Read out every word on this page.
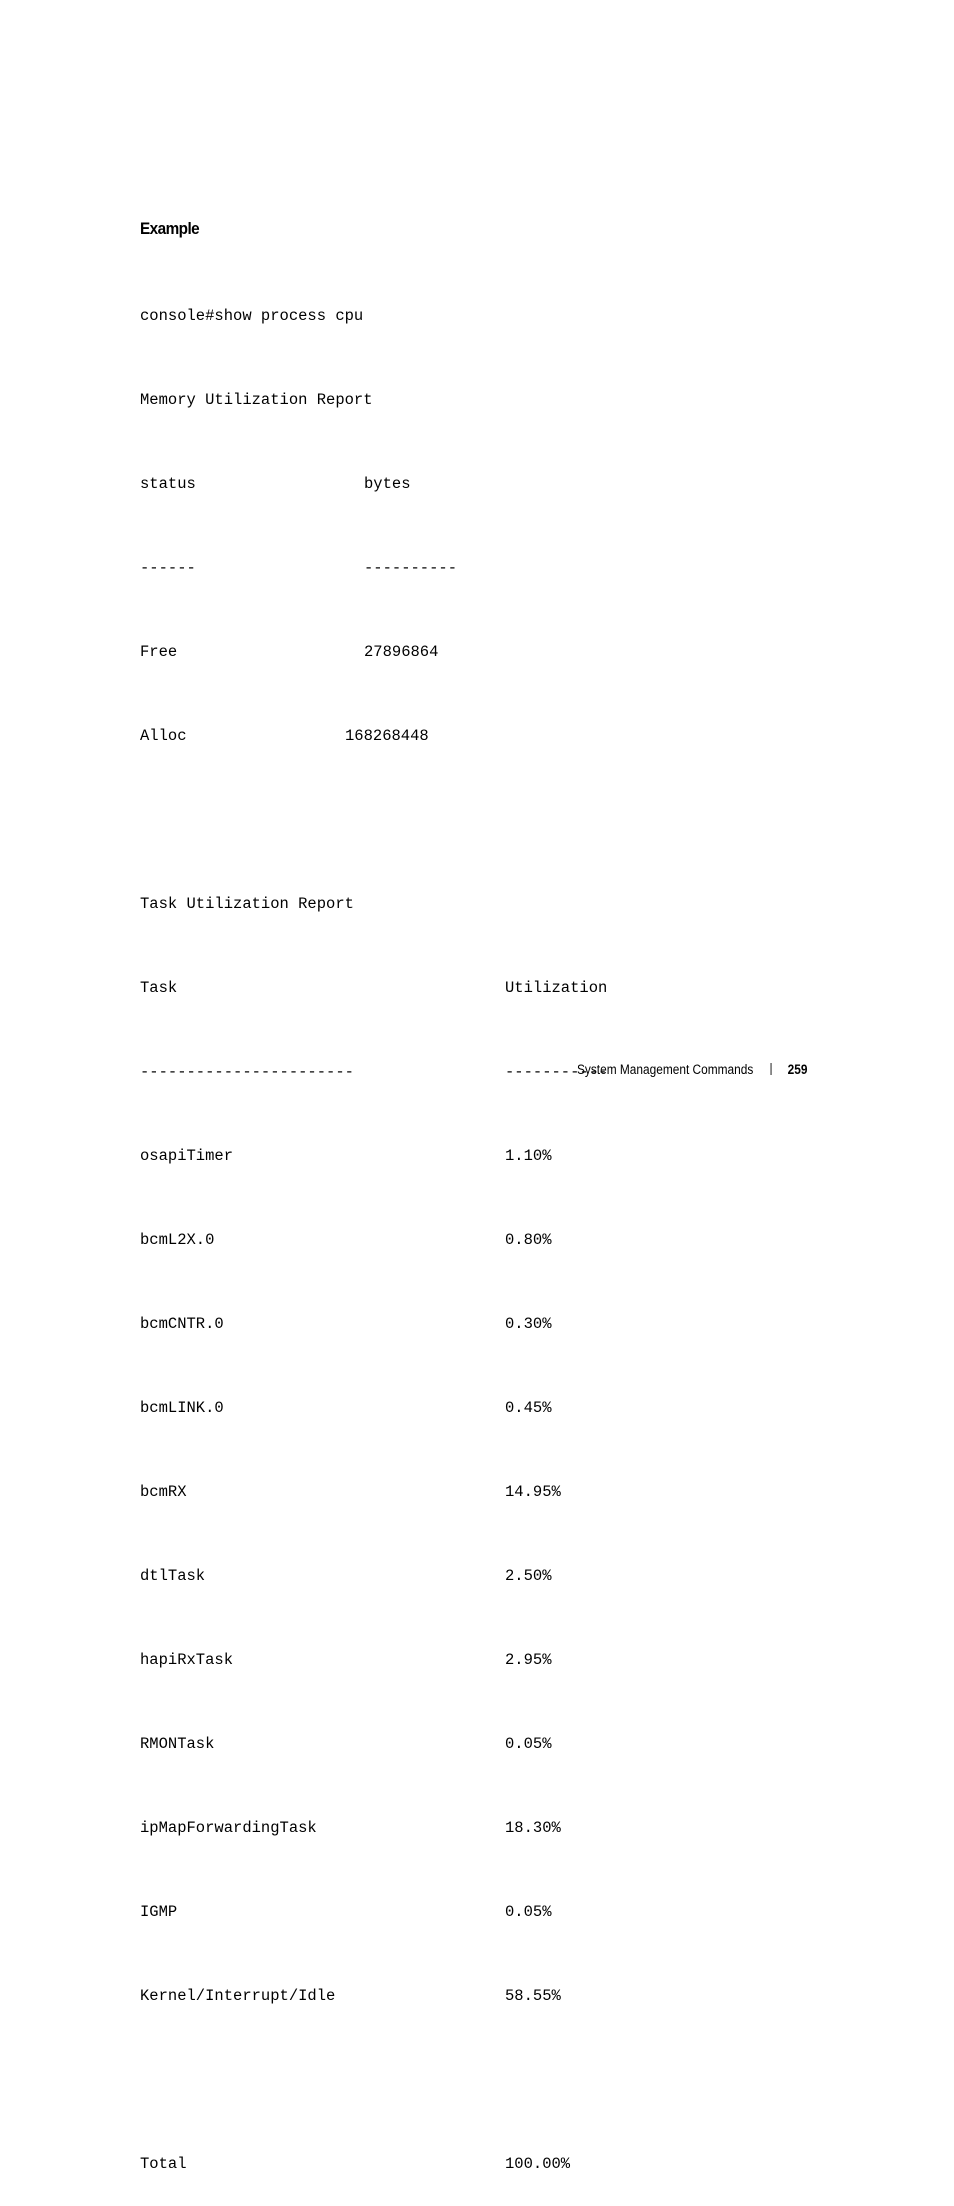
Example

console#show process cpu

Memory Utilization Report

status	bytes

------	----------

Free	27896864

Alloc	168268448

Task Utilization Report

Task	Utilization

-----------------------	-----------

osapiTimer	1.10%

bcmL2X.0	0.80%

bcmCNTR.0	0.30%

bcmLINK.0	0.45%

bcmRX	14.95%

dtlTask	2.50%

hapiRxTask	2.95%

RMONTask	0.05%

ipMapForwardingTask	18.30%

IGMP	0.05%

Kernel/Interrupt/Idle	58.55%

Total	100.00%

System Management Commands	259
